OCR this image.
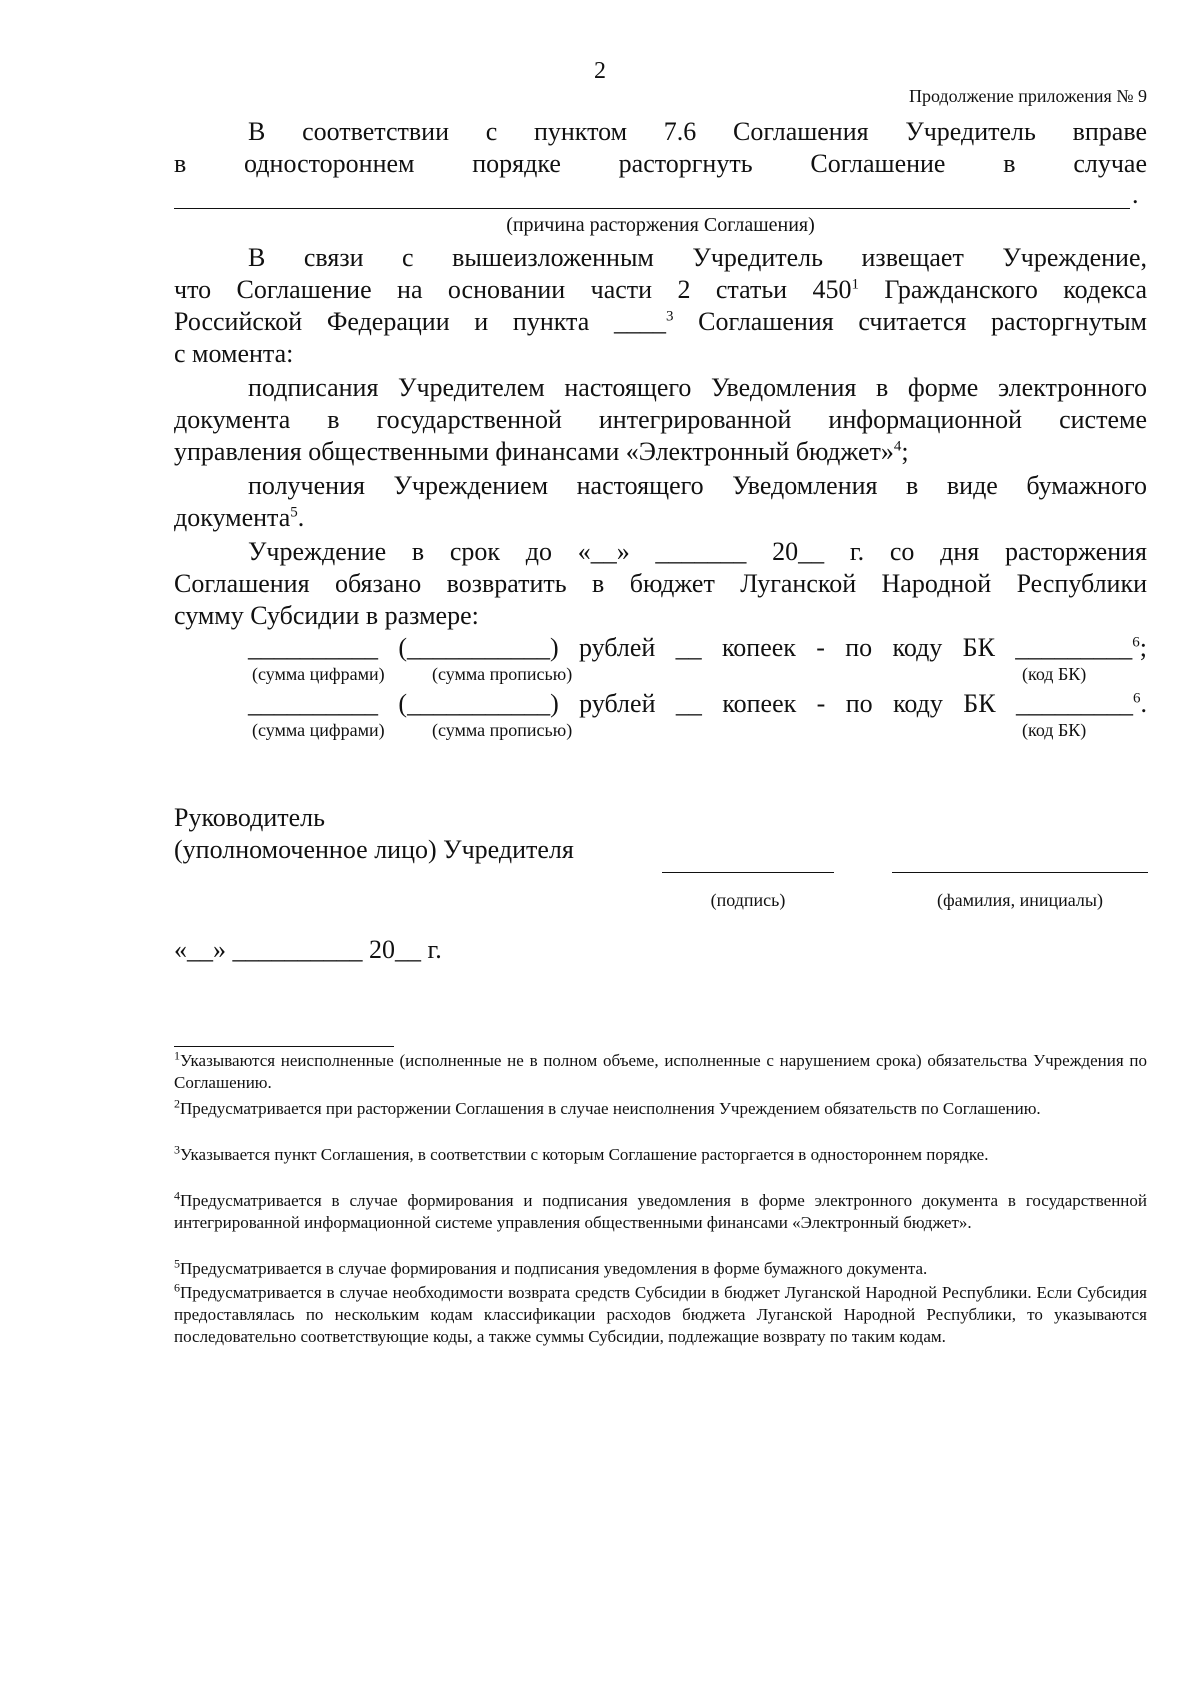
2
Продолжение приложения № 9
В соответствии с пунктом 7.6 Соглашения Учредитель вправе
в одностороннем порядке расторгнуть Соглашение в случае
.
(причина расторжения Соглашения)
В связи с вышеизложенным Учредитель извещает Учреждение,
что Соглашение на основании части 2 статьи $450^1$ Гражданского кодекса
Российской Федерации и пункта ____$^3$ Соглашения считается расторгнутым
с момента:
подписания Учредителем настоящего Уведомления в форме электронного
документа в государственной интегрированной информационной системе
управления общественными финансами «Электронный бюджет»$^4$;
получения Учреждением настоящего Уведомления в виде бумажного
документа$^5$.
Учреждение в срок до «__» _______ 20__ г. со дня расторжения
Соглашения обязано возвратить в бюджет Луганской Народной Республики
сумму Субсидии в размере:
__________ (___________) рублей __ копеек - по коду БК _________$^6$;
(сумма цифрами)	(сумма прописью)	(код БК)
__________ (___________) рублей __ копеек - по коду БК _________$^6$.
(сумма цифрами)	(сумма прописью)	(код БК)
Руководитель
(уполномоченное лицо) Учредителя
(подпись)	(фамилия, инициалы)
«__» __________ 20__ г.
$^1$Указываются неисполненные (исполненные не в полном объеме, исполненные с нарушением срока) обязательства Учреждения по Соглашению.
$^2$Предусматривается при расторжении Соглашения в случае неисполнения Учреждением обязательств по Соглашению.
$^3$Указывается пункт Соглашения, в соответствии с которым Соглашение расторгается в одностороннем порядке.
$^4$Предусматривается в случае формирования и подписания уведомления в форме электронного документа в государственной интегрированной информационной системе управления общественными финансами «Электронный бюджет».
$^5$Предусматривается в случае формирования и подписания уведомления в форме бумажного документа.
$^6$Предусматривается в случае необходимости возврата средств Субсидии в бюджет Луганской Народной Республики. Если Субсидия предоставлялась по нескольким кодам классификации расходов бюджета Луганской Народной Республики, то указываются последовательно соответствующие коды, а также суммы Субсидии, подлежащие возврату по таким кодам.
